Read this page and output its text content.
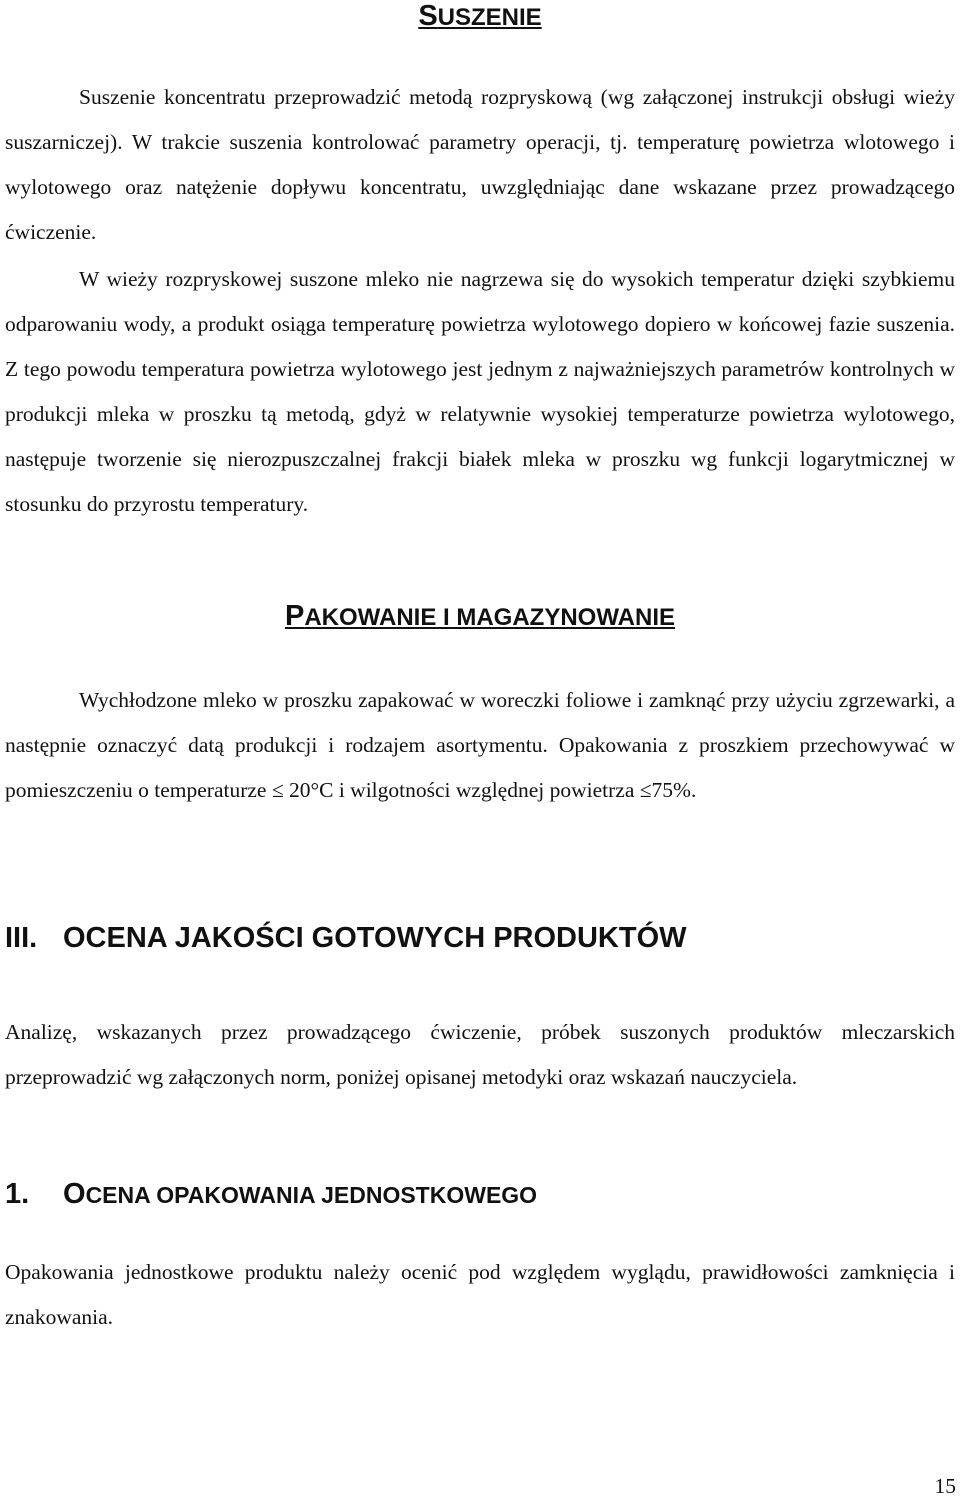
SUSZENIE

Suszenie koncentratu przeprowadzić metodą rozpryskową (wg załączonej instrukcji obsługi wieży suszarniczej). W trakcie suszenia kontrolować parametry operacji, tj. temperaturę powietrza wlotowego i wylotowego oraz natężenie dopływu koncentratu, uwzględniając dane wskazane przez prowadzącego ćwiczenie.

W wieży rozpryskowej suszone mleko nie nagrzewa się do wysokich temperatur dzięki szybkiemu odparowaniu wody, a produkt osiąga temperaturę powietrza wylotowego dopiero w końcowej fazie suszenia. Z tego powodu temperatura powietrza wylotowego jest jednym z najważniejszych parametrów kontrolnych w produkcji mleka w proszku tą metodą, gdyż w relatywnie wysokiej temperaturze powietrza wylotowego, następuje tworzenie się nierozpuszczalnej frakcji białek mleka w proszku wg funkcji logarytmicznej w stosunku do przyrostu temperatury.

PAKOWANIE I MAGAZYNOWANIE

Wychłodzone mleko w proszku zapakować w woreczki foliowe i zamknąć przy użyciu zgrzewarki, a następnie oznaczyć datą produkcji i rodzajem asortymentu. Opakowania z proszkiem przechowywać w pomieszczeniu o temperaturze ≤ 20°C i wilgotności względnej powietrza ≤75%.

III. OCENA JAKOŚCI GOTOWYCH PRODUKTÓW

Analizę, wskazanych przez prowadzącego ćwiczenie, próbek suszonych produktów mleczarskich przeprowadzić wg załączonych norm, poniżej opisanej metodyki oraz wskazań nauczyciela.

1. OCENA OPAKOWANIA JEDNOSTKOWEGO

Opakowania jednostkowe produktu należy ocenić pod względem wyglądu, prawidłowości zamknięcia i znakowania.

15
